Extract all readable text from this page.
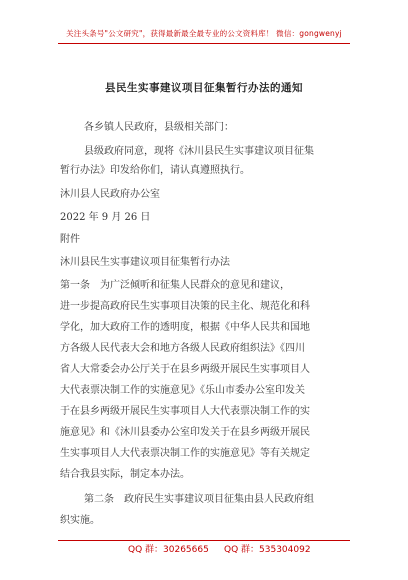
关注头条号"公文研究"，获得最新最全最专业的公文资料库！ 微信：gongwenyj
县民生实事建议项目征集暂行办法的通知
各乡镇人民政府，县级相关部门：
县级政府同意，现将《沐川县民生实事建议项目征集
暂行办法》印发给你们，请认真遵照执行。
沐川县人民政府办公室
2022 年 9 月 26 日
附件
沐川县民生实事建议项目征集暂行办法
第一条　为广泛倾听和征集人民群众的意见和建议，
进一步提高政府民生实事项目决策的民主化、规范化和科
学化，加大政府工作的透明度，根据《中华人民共和国地
方各级人民代表大会和地方各级人民政府组织法》《四川
省人大常委会办公厅关于在县乡两级开展民生实事项目人
大代表票决制工作的实施意见》《乐山市委办公室印发关
于在县乡两级开展民生实事项目人大代表票决制工作的实
施意见》和《沐川县委办公室印发关于在县乡两级开展民
生实事项目人大代表票决制工作的实施意见》等有关规定
结合我县实际，制定本办法。
第二条　政府民生实事建议项目征集由县人民政府组
织实施。
QQ 群：30265665 QQ 群：535304092
